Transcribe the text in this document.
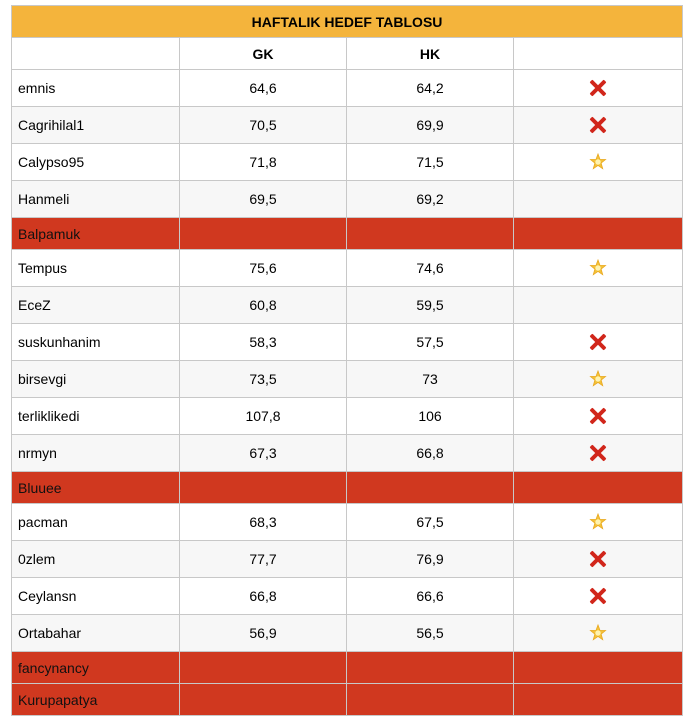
HAFTALIK HEDEF TABLOSU			
	GK	HK	
emnis	64,6	64,2	
Cagrihilal1	70,5	69,9	
Calypso95	71,8	71,5	
Hanmeli	69,5	69,2	
Balpamuk			
Tempus	75,6	74,6	
EceZ	60,8	59,5	
suskunhanim	58,3	57,5	
birsevgi	73,5	73	
terliklikedi	107,8	106	
nrmyn	67,3	66,8	
Bluuee			
pacman	68,3	67,5	
0zlem	77,7	76,9	
Ceylansn	66,8	66,6	
Ortabahar	56,9	56,5	
fancynancy			
Kurupapatya			
